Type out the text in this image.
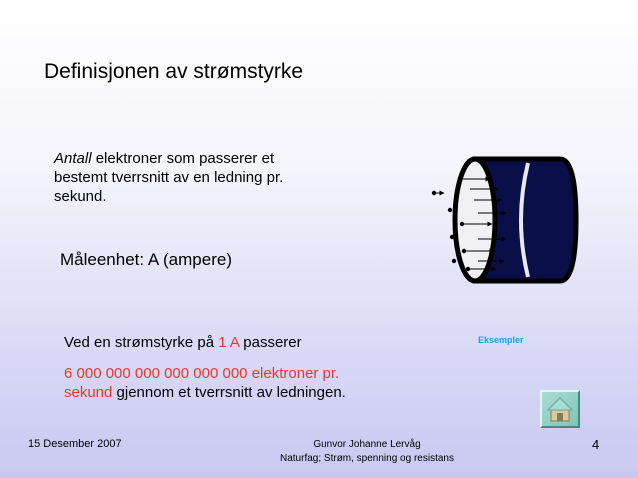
Definisjonen av strømstyrke
Antall elektroner som passerer et bestemt tverrsnitt av en ledning pr. sekund.
Måleenhet: A (ampere)
Ved en strømstyrke på 1 A passerer
6 000 000 000 000 000 000 elektroner pr. sekund gjennom et tverrsnitt av ledningen.
Eksempler
15 Desember 2007	Gunvor Johanne Lervåg
Naturfag; Strøm, spenning og resistans
4
